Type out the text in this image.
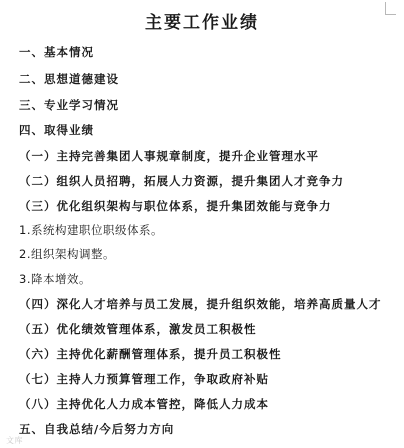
主要工作业绩
一、基本情况
二、思想道德建设
三、专业学习情况
四、取得业绩
（一）主持完善集团人事规章制度，提升企业管理水平
（二）组织人员招聘，拓展人力资源，提升集团人才竞争力
（三）优化组织架构与职位体系，提升集团效能与竞争力
1.系统构建职位职级体系。
2.组织架构调整。
3.降本增效。
（四）深化人才培养与员工发展，提升组织效能，培养高质量人才
（五）优化绩效管理体系，激发员工积极性
（六）主持优化薪酬管理体系，提升员工积极性
（七）主持人力预算管理工作，争取政府补贴
（八）主持优化人力成本管控，降低人力成本
五、自我总结/今后努力方向
文库
